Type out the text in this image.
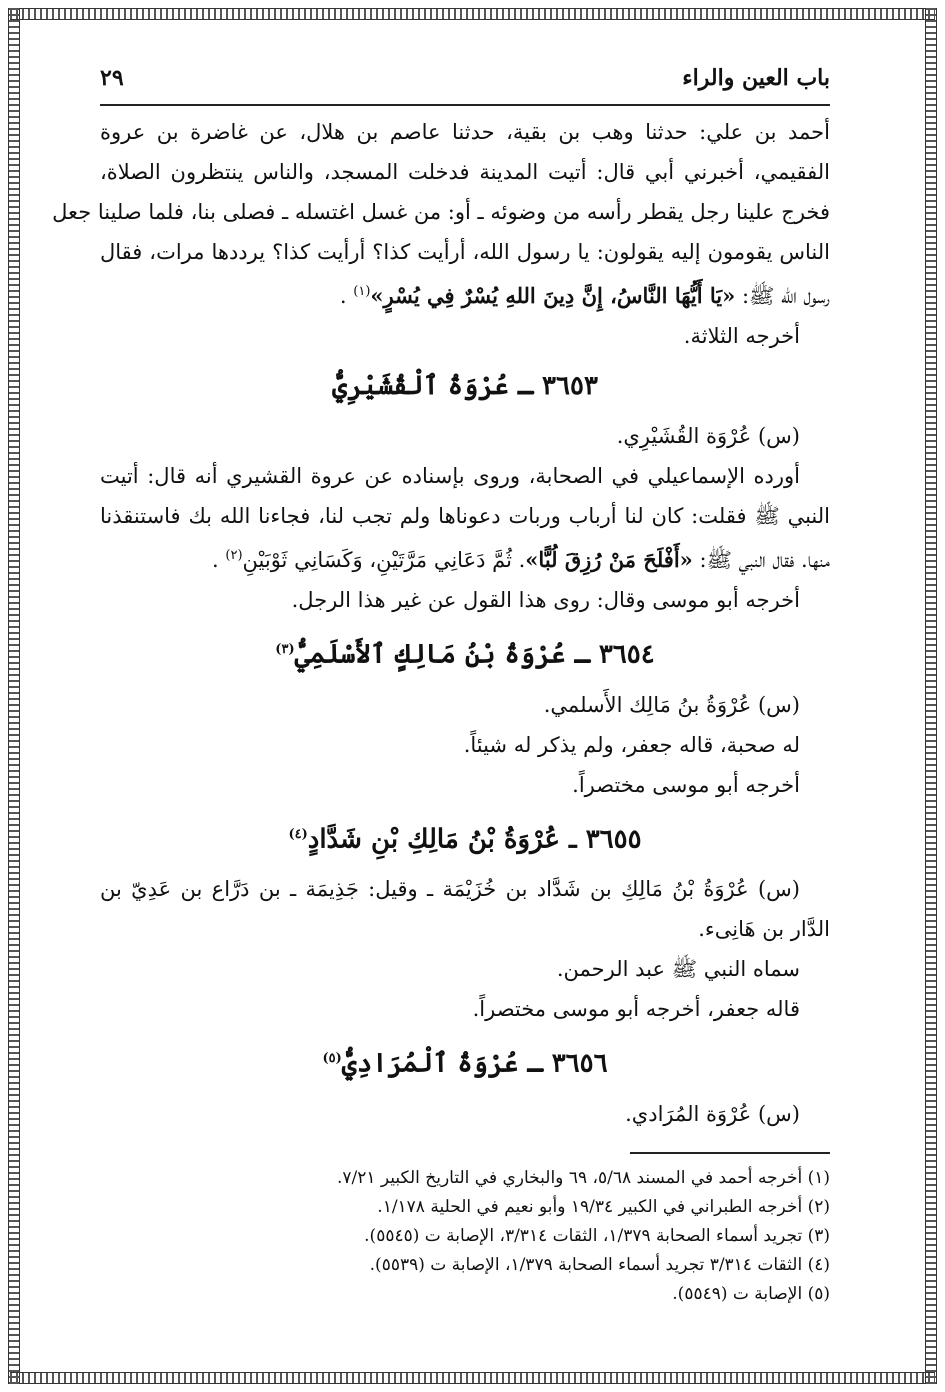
باب العين والراء
٢٩
أحمد بن علي: حدثنا وهب بن بقية، حدثنا عاصم بن هلال، عن غاضرة بن عروة
الفقيمي، أخبرني أبي قال: أتيت المدينة فدخلت المسجد، والناس ينتظرون الصلاة،
فخرج علينا رجل يقطر رأسه من وضوئه ـ أو: من غسل اغتسله ـ فصلى بنا، فلما صلينا جعل
الناس يقومون إليه يقولون: يا رسول الله، أرأيت كذا؟ أرأيت كذا؟ يرددها مرات، فقال
رسول الله ﷺ: «يَا أَيُّهَا النَّاسُ، إِنَّ دِينَ اللهِ يُسْرٌ فِي يُسْرٍ»$^{(١)}$ .
أخرجه الثلاثة.
٣٦٥٣ ـ عُرْوَةُ ٱلْقُشَيْرِيُّ
(س) عُرْوَة القُشَيْرِي.
أورده الإسماعيلي في الصحابة، وروى بإسناده عن عروة القشيري أنه قال: أتيت
النبي ﷺ فقلت: كان لنا أرباب وربات دعوناها ولم تجب لنا، فجاءنا الله بك فاستنقذنا
منها. فقال النبي ﷺ: «أَفْلَحَ مَنْ رُزِقَ لُبًّا». ثُمَّ دَعَانِي مَرَّتَيْنِ، وَكَسَانِي ثَوْبَيْنِ$^{(٢)}$ .
أخرجه أبو موسى وقال: روى هذا القول عن غير هذا الرجل.
٣٦٥٤ ـ عُرْوَةُ بْنُ مَالِكٍ ٱلأَسْلَمِيُّ$^{(٣)}$
(س) عُرْوَةُ بنُ مَالِك الأَسلمي.
له صحبة، قاله جعفر، ولم يذكر له شيئاً.
أخرجه أبو موسى مختصراً.
٣٦٥٥ ـ عُرْوَةُ بْنُ مَالِكِ بْنِ شَدَّادٍ$^{(٤)}$
(س) عُرْوَةُ بْنُ مَالِكِ بن شَدَّاد بن خُزَيْمَة ـ وقيل: جَذِيمَة ـ بن دَرَّاع بن عَدِيّ بن
الدَّار بن هَانِىء.
سماه النبي ﷺ عبد الرحمن.
قاله جعفر، أخرجه أبو موسى مختصراً.
٣٦٥٦ ـ عُرْوَةُ ٱلْمُرَادِيُّ$^{(٥)}$
(س) عُرْوَة المُرَادي.
(١) أخرجه أحمد في المسند ٥/٦٨، ٦٩ والبخاري في التاريخ الكبير ٧/٢١.
(٢) أخرجه الطبراني في الكبير ١٩/٣٤ وأبو نعيم في الحلية ١/١٧٨.
(٣) تجريد أسماء الصحابة ١/٣٧٩، الثقات ٣/٣١٤، الإصابة ت (٥٥٤٥).
(٤) الثقات ٣/٣١٤ تجريد أسماء الصحابة ١/٣٧٩، الإصابة ت (٥٥٣٩).
(٥) الإصابة ت (٥٥٤٩).
